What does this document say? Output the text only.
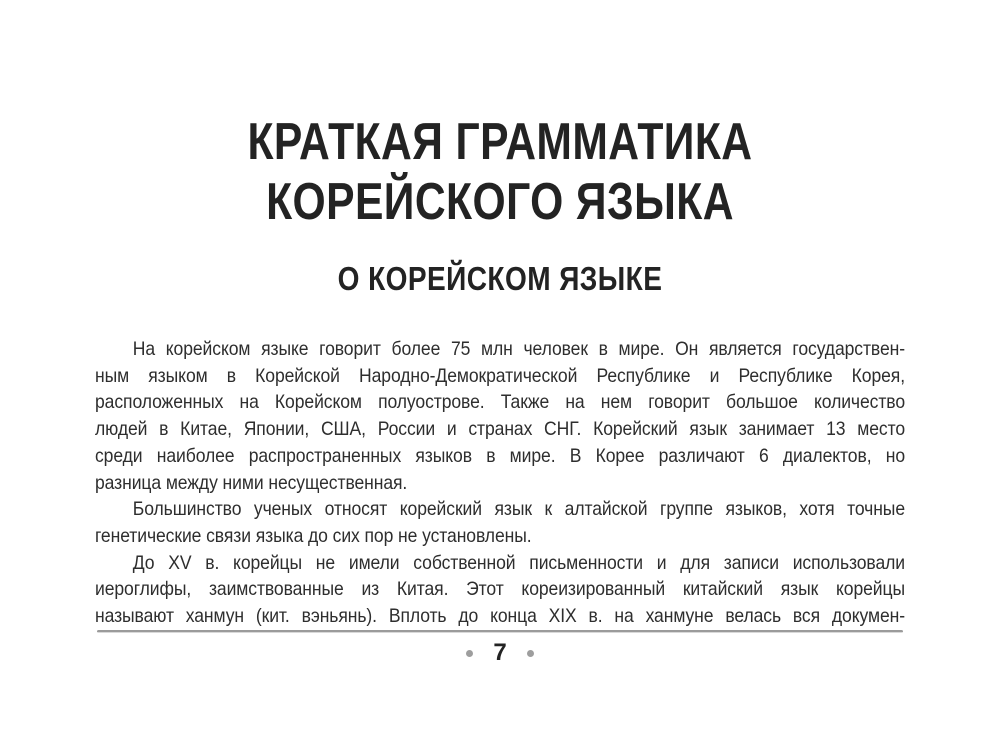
КРАТКАЯ ГРАММАТИКА
КОРЕЙСКОГО ЯЗЫКА
О КОРЕЙСКОМ ЯЗЫКЕ
На корейском языке говорит более 75 млн человек в мире. Он является государствен-
ным языком в Корейской Народно-Демократической Республике и Республике Корея,
расположенных на Корейском полуострове. Также на нем говорит большое количество
людей в Китае, Японии, США, России и странах СНГ. Корейский язык занимает 13 место
среди наиболее распространенных языков в мире. В Корее различают 6 диалектов, но
разница между ними несущественная.
Большинство ученых относят корейский язык к алтайской группе языков, хотя точные
генетические связи языка до сих пор не установлены.
До XV в. корейцы не имели собственной письменности и для записи использовали
иероглифы, заимствованные из Китая. Этот кореизированный китайский язык корейцы
называют ханмун (кит. вэньянь). Вплоть до конца XIX в. на ханмуне велась вся докумен-
7
